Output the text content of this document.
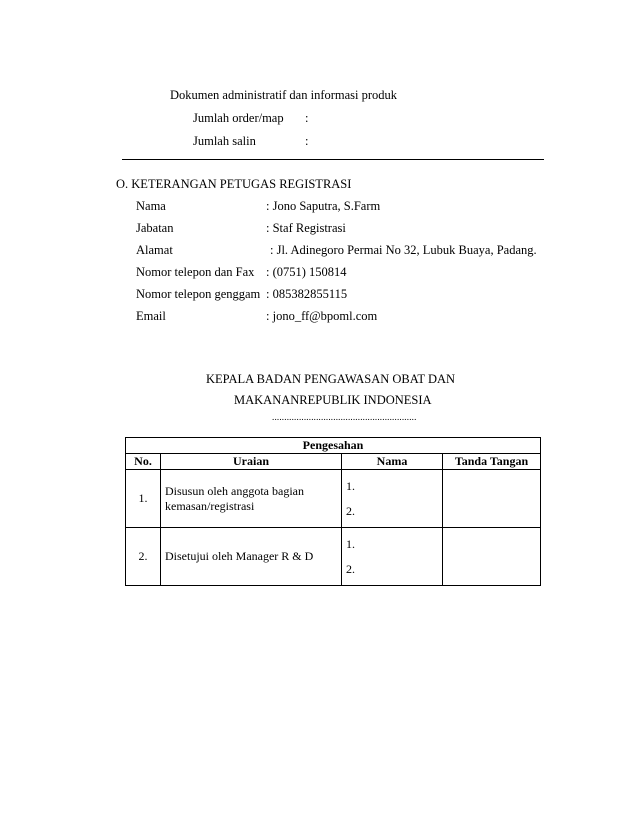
Dokumen administratif dan informasi produk
Jumlah order/map :
Jumlah salin	:
O. KETERANGAN PETUGAS REGISTRASI
Nama	: Jono Saputra, S.Farm
Jabatan	: Staf Registrasi
Alamat	: Jl. Adinegoro Permai No 32, Lubuk Buaya, Padang.
Nomor telepon dan Fax : (0751) 150814
Nomor telepon genggam : 085382855115
Email	: jono_ff@bpoml.com
KEPALA BADAN PENGAWASAN OBAT DAN
MAKANANREPUBLIK INDONESIA
...........................................................
Pengesahan			
No.	Uraian	Nama	Tanda Tangan
1.	Disusun oleh anggota bagian kemasan/registrasi	1.
2.	

2.	Disetujui oleh Manager R & D	1.
2.	
